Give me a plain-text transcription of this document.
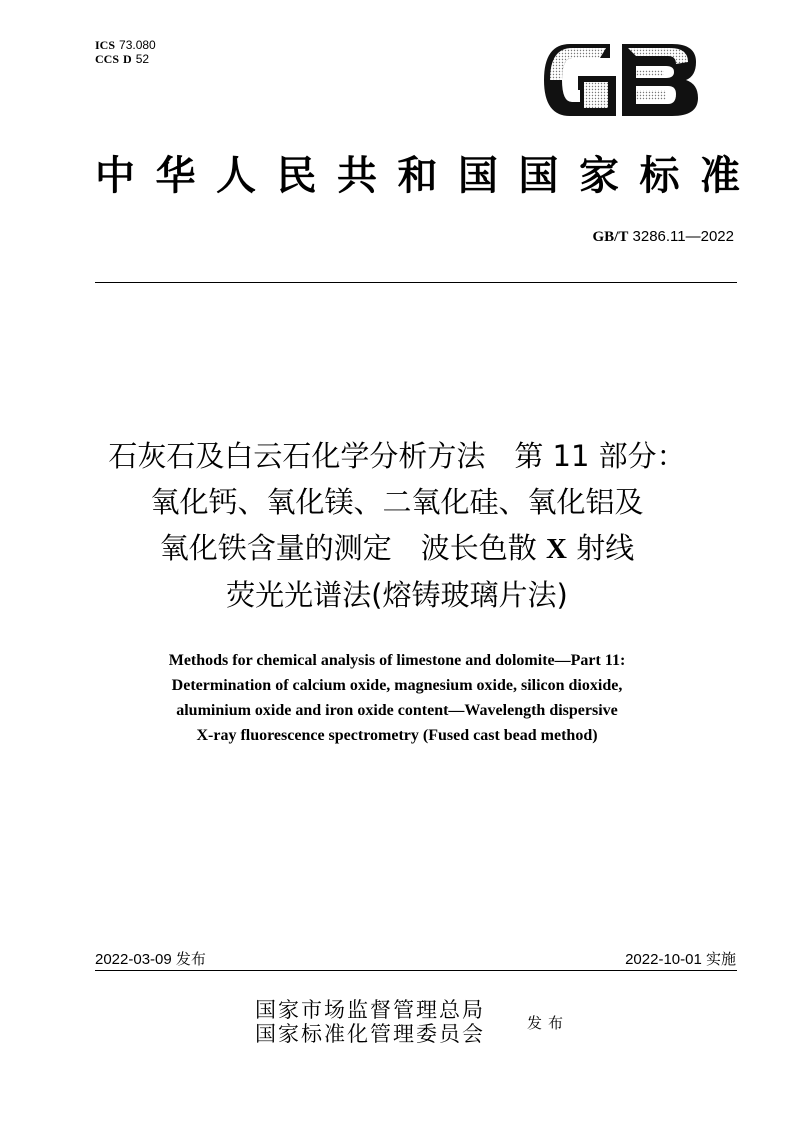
ICS 73.080
CCS D 52
中 华 人 民 共 和 国 国 家 标 准
GB/T 3286.11—2022
石灰石及白云石化学分析方法　第 11 部分：
氧化钙、氧化镁、二氧化硅、氧化铝及
氧化铁含量的测定　波长色散 X 射线
荧光光谱法(熔铸玻璃片法)
Methods for chemical analysis of limestone and dolomite—Part 11:
Determination of calcium oxide, magnesium oxide, silicon dioxide,
aluminium oxide and iron oxide content—Wavelength dispersive
X-ray fluorescence spectrometry (Fused cast bead method)
2022-03-09 发布	2022-10-01 实施
国家市场监督管理总局
国家标准化管理委员会	发布
